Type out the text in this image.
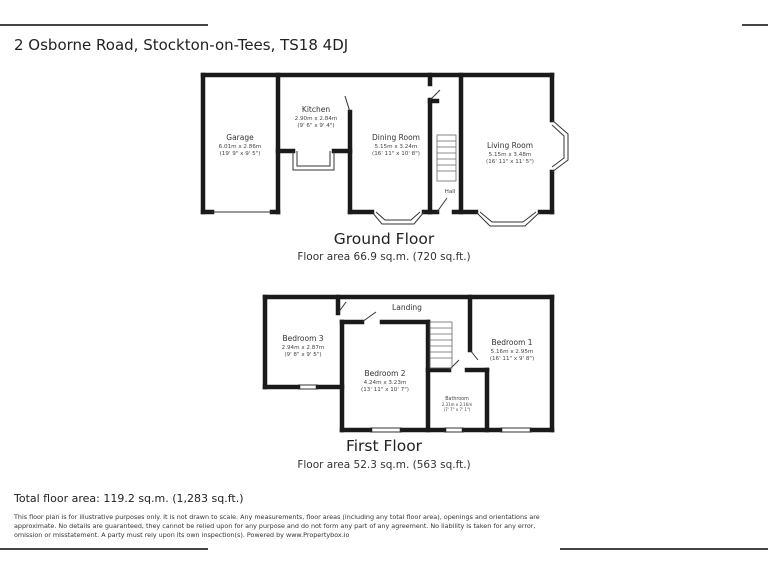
2 Osborne Road, Stockton-on-Tees, TS18 4DJ
Garage
6.01m x 2.86m
(19' 9" x 9' 5")
Kitchen
2.90m x 2.84m
(9' 6" x 9' 4")
Dining Room
5.15m x 3.24m
(16' 11" x 10' 8")
Living Room
5.15m x 3.48m
(16' 11" x 11' 5")
Hall
Ground Floor
Floor area 66.9 sq.m. (720 sq.ft.)
Landing
Bedroom 3
2.94m x 2.87m
(9' 8" x 9' 5")
Bedroom 2
4.24m x 3.23m
(13' 11" x 10' 7")
Bedroom 1
5.16m x 2.95m
(16' 11" x 9' 8")
Bathroom
2.31m x 2.16m
(7' 7" x 7' 1")
First Floor
Floor area 52.3 sq.m. (563 sq.ft.)
Total floor area: 119.2 sq.m. (1,283 sq.ft.)
This floor plan is for illustrative purposes only. It is not drawn to scale. Any measurements, floor areas (including any total floor area), openings and orientations are approximate. No details are guaranteed, they cannot be relied upon for any purpose and do not form any part of any agreement. No liability is taken for any error, omission or misstatement. A party must rely upon its own inspection(s). Powered by www.Propertybox.io
